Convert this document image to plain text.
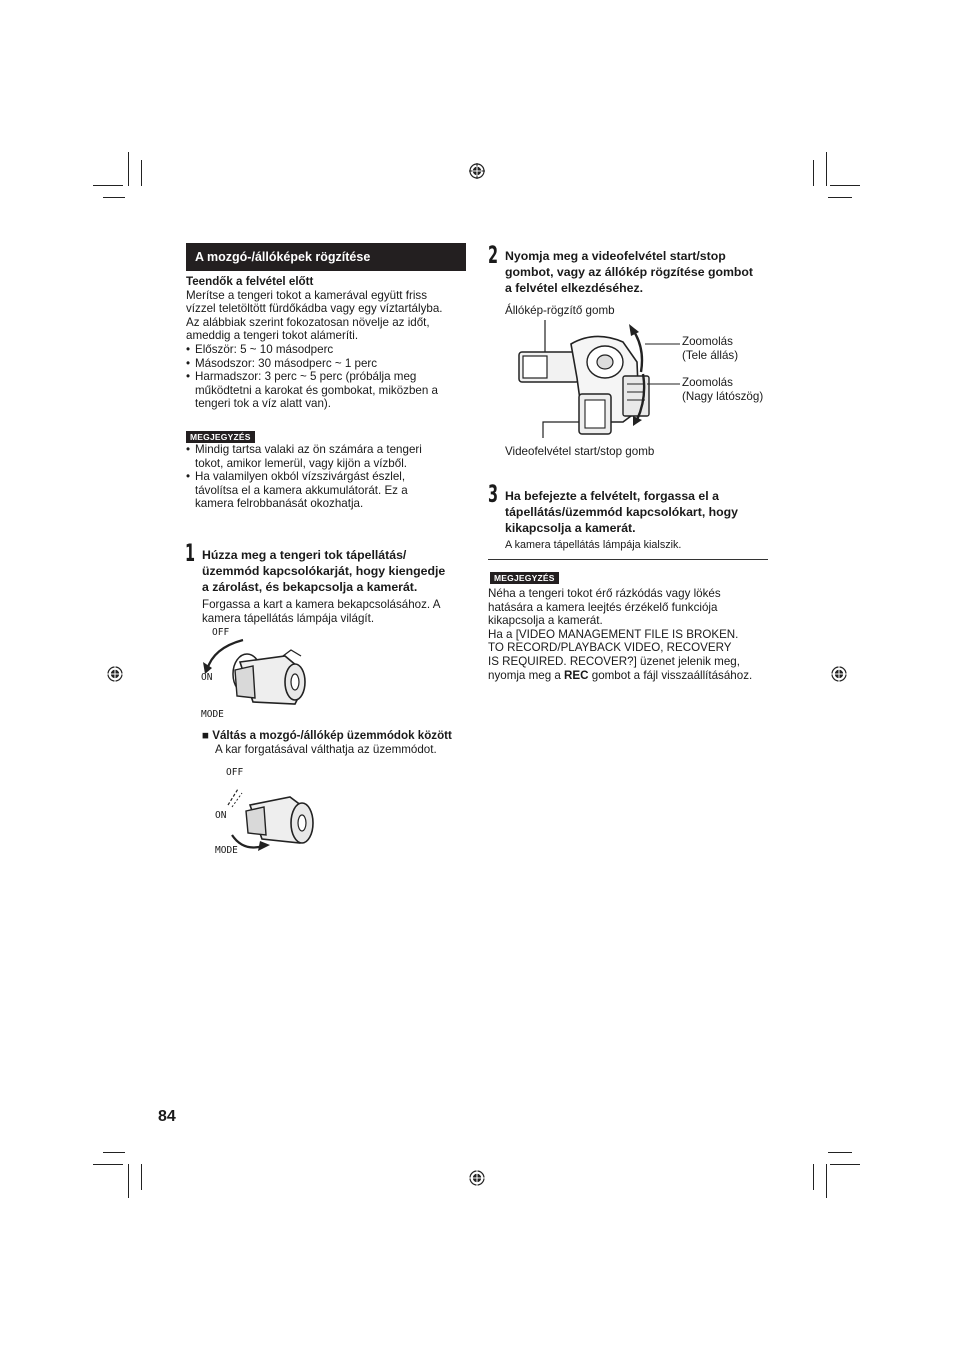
A mozgó-/állóképek rögzítése
Teendők a felvétel előtt
Merítse a tengeri tokot a kamerával együtt friss
vízzel teletöltött fürdőkádba vagy egy víztartályba.
Az alábbiak szerint fokozatosan növelje az időt,
ameddig a tengeri tokot alámeríti.
• Először: 5 ~ 10 másodperc
• Másodszor: 30 másodperc ~ 1 perc
• Harmadszor: 3 perc ~ 5 perc (próbálja meg
működtetni a karokat és gombokat, miközben a
tengeri tok a víz alatt van).
MEGJEGYZÉS
• Mindig tartsa valaki az ön számára a tengeri
tokot, amikor lemerül, vagy kijön a vízből.
• Ha valamilyen okból vízszivárgást észlel,
távolítsa el a kamera akkumulátorát. Ez a
kamera felrobbanását okozhatja.
1 Húzza meg a tengeri tok tápellátás/
üzemmód kapcsolókarját, hogy kiengedje
a zárolást, és bekapcsolja a kamerát.
Forgassa a kart a kamera bekapcsolásához. A
kamera tápellátás lámpája világít.
OFF
ON
MODE
■ Váltás a mozgó-/állókép üzemmódok között
A kar forgatásával válthatja az üzemmódot.
OFF
ON
MODE
2 Nyomja meg a videofelvétel start/stop
gombot, vagy az állókép rögzítése gombot
a felvétel elkezdéséhez.
Állókép-rögzítő gomb
Zoomolás
(Tele állás)
Zoomolás
(Nagy látószög)
Videofelvétel start/stop gomb
3 Ha befejezte a felvételt, forgassa el a
tápellátás/üzemmód kapcsolókart, hogy
kikapcsolja a kamerát.
A kamera tápellátás lámpája kialszik.
MEGJEGYZÉS
Néha a tengeri tokot érő rázkódás vagy lökés
hatására a kamera leejtés érzékelő funkciója
kikapcsolja a kamerát.
Ha a [VIDEO MANAGEMENT FILE IS BROKEN.
TO RECORD/PLAYBACK VIDEO, RECOVERY
IS REQUIRED. RECOVER?] üzenet jelenik meg,
nyomja meg a REC gombot a fájl visszaállításához.
84
